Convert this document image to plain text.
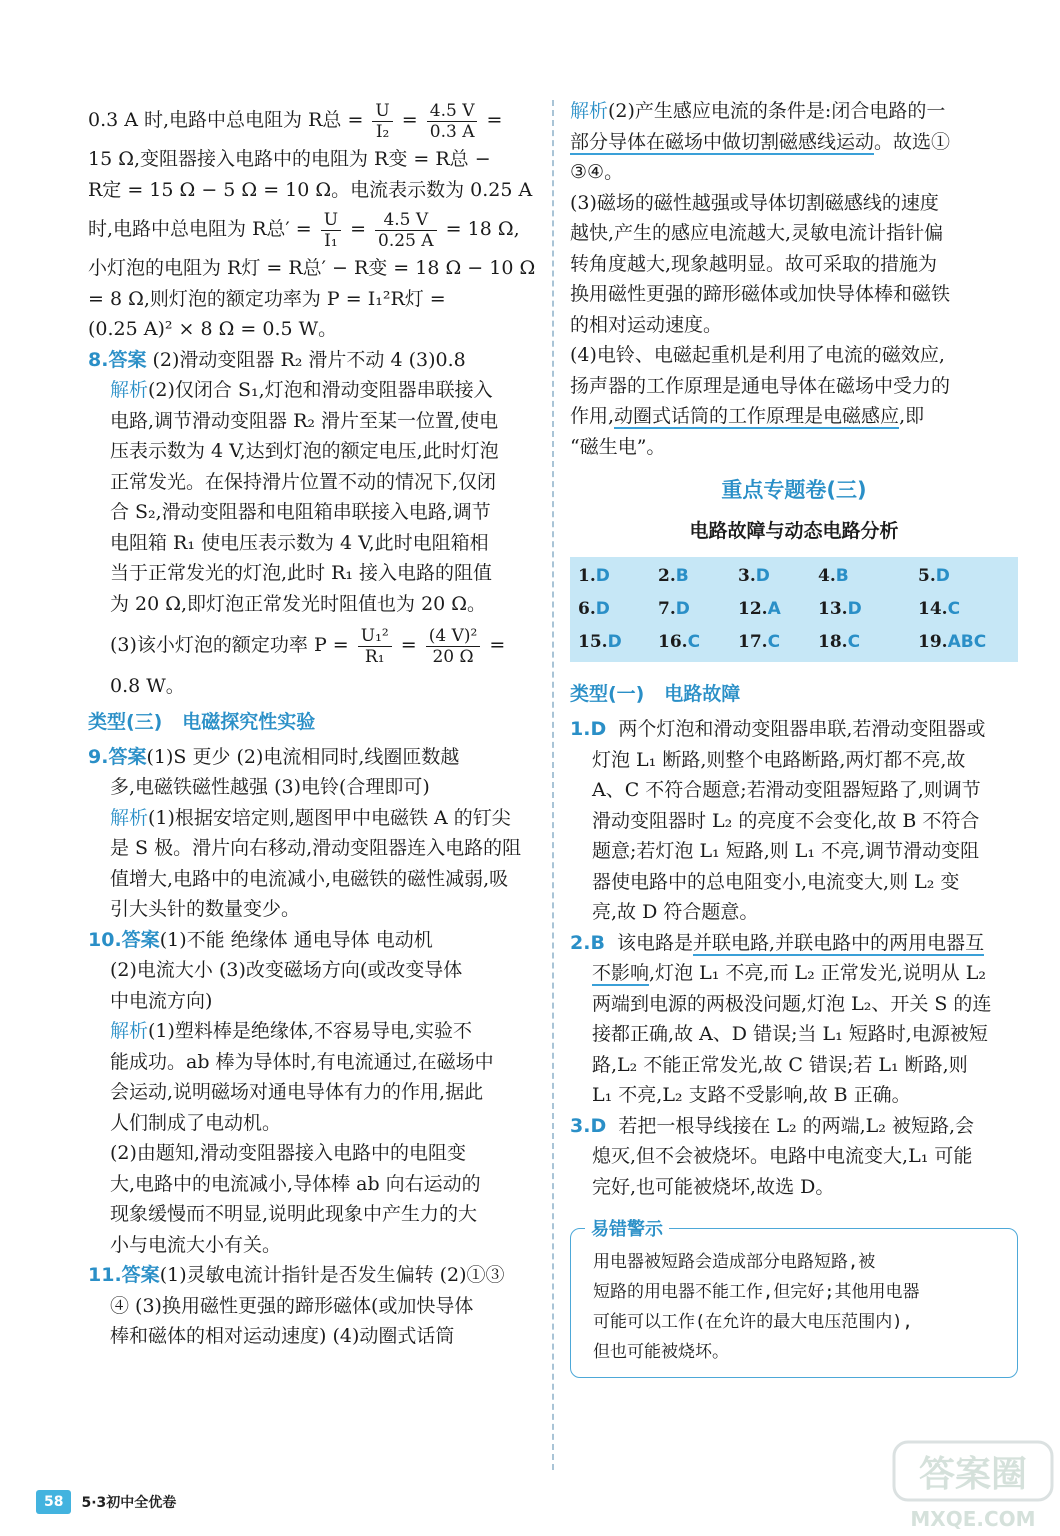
0.3 A 时,电路中总电阻为 R总 = $\frac{U}{\text{I₂}} = \frac{4.5 V}{0.3 A}$ =
15 Ω,变阻器接入电路中的电阻为 R变 = R总 −
R定 = 15 Ω − 5 Ω = 10 Ω。电流表示数为 0.25 A
时,电路中总电阻为 R总′ = $\frac{U}{\text{I₁}} = \frac{4.5 V}{0.25 A} = 18$ Ω,
小灯泡的电阻为 R灯 = R总′ − R变 = 18 Ω − 10 Ω
= 8 Ω,则灯泡的额定功率为 P = I₁²R灯 =
(0.25 A)² × 8 Ω = 0.5 W。
8.答案 (2)滑动变阻器 R₂ 滑片不动 4 (3)0.8
解析(2)仅闭合 S₁,灯泡和滑动变阻器串联接入
电路,调节滑动变阻器 R₂ 滑片至某一位置,使电
压表示数为 4 V,达到灯泡的额定电压,此时灯泡
正常发光。在保持滑片位置不动的情况下,仅闭
合 S₂,滑动变阻器和电阻箱串联接入电路,调节
电阻箱 R₁ 使电压表示数为 4 V,此时电阻箱相
当于正常发光的灯泡,此时 R₁ 接入电路的阻值
为 20 Ω,即灯泡正常发光时阻值也为 20 Ω。
(3)该小灯泡的额定功率 $P = \frac{\text{U₁²}}{\text{R₁}} = \frac{\text{(4 V)²}}{20 \Omega}$ =
0.8 W。
类型(三) 电磁探究性实验
9.答案(1)S 更少 (2)电流相同时,线圈匝数越
多,电磁铁磁性越强 (3)电铃(合理即可)
解析(1)根据安培定则,题图甲中电磁铁 A 的钉尖
是 S 极。滑片向右移动,滑动变阻器连入电路的阻
值增大,电路中的电流减小,电磁铁的磁性减弱,吸
引大头针的数量变少。
10.答案(1)不能 绝缘体 通电导体 电动机
(2)电流大小 (3)改变磁场方向(或改变导体
中电流方向)
解析(1)塑料棒是绝缘体,不容易导电,实验不
能成功。ab 棒为导体时,有电流通过,在磁场中
会运动,说明磁场对通电导体有力的作用,据此
人们制成了电动机。
(2)由题知,滑动变阻器接入电路中的电阻变
大,电路中的电流减小,导体棒 ab 向右运动的
现象缓慢而不明显,说明此现象中产生力的大
小与电流大小有关。
11.答案(1)灵敏电流计指针是否发生偏转 (2)①③
④ (3)换用磁性更强的蹄形磁体(或加快导体
棒和磁体的相对运动速度) (4)动圈式话筒
解析(2)产生感应电流的条件是:闭合电路的一
部分导体在磁场中做切割磁感线运动。故选①
③④。
(3)磁场的磁性越强或导体切割磁感线的速度
越快,产生的感应电流越大,灵敏电流计指针偏
转角度越大,现象越明显。故可采取的措施为
换用磁性更强的蹄形磁体或加快导体棒和磁铁
的相对运动速度。
(4)电铃、电磁起重机是利用了电流的磁效应,
扬声器的工作原理是通电导体在磁场中受力的
作用,动圈式话筒的工作原理是电磁感应,即
“磁生电”。
重点专题卷(三)
电路故障与动态电路分析
1.D	2.B	3.D	4.B	5.D
6.D	7.D	12.A	13.D	14.C
15.D	16.C	17.C	18.C	19.ABC
类型(一) 电路故障
1.D 两个灯泡和滑动变阻器串联,若滑动变阻器或
灯泡 L₁ 断路,则整个电路断路,两灯都不亮,故
A、C 不符合题意;若滑动变阻器短路了,则调节
滑动变阻器时 L₂ 的亮度不会变化,故 B 不符合
题意;若灯泡 L₁ 短路,则 L₁ 不亮,调节滑动变阻
器使电路中的总电阻变小,电流变大,则 L₂ 变
亮,故 D 符合题意。
2.B 该电路是并联电路,并联电路中的两用电器互
不影响,灯泡 L₁ 不亮,而 L₂ 正常发光,说明从 L₂
两端到电源的两极没问题,灯泡 L₂、开关 S 的连
接都正确,故 A、D 错误;当 L₁ 短路时,电源被短
路,L₂ 不能正常发光,故 C 错误;若 L₁ 断路,则
L₁ 不亮,L₂ 支路不受影响,故 B 正确。
3.D 若把一根导线接在 L₂ 的两端,L₂ 被短路,会
熄灭,但不会被烧坏。电路中电流变大,L₁ 可能
完好,也可能被烧坏,故选 D。
易错警示
用电器被短路会造成部分电路短路,被
短路的用电器不能工作,但完好;其他用电器
可能可以工作(在允许的最大电压范围内),
但也可能被烧坏。
58	5·3初中全优卷
答案圈
MXQE.COM
